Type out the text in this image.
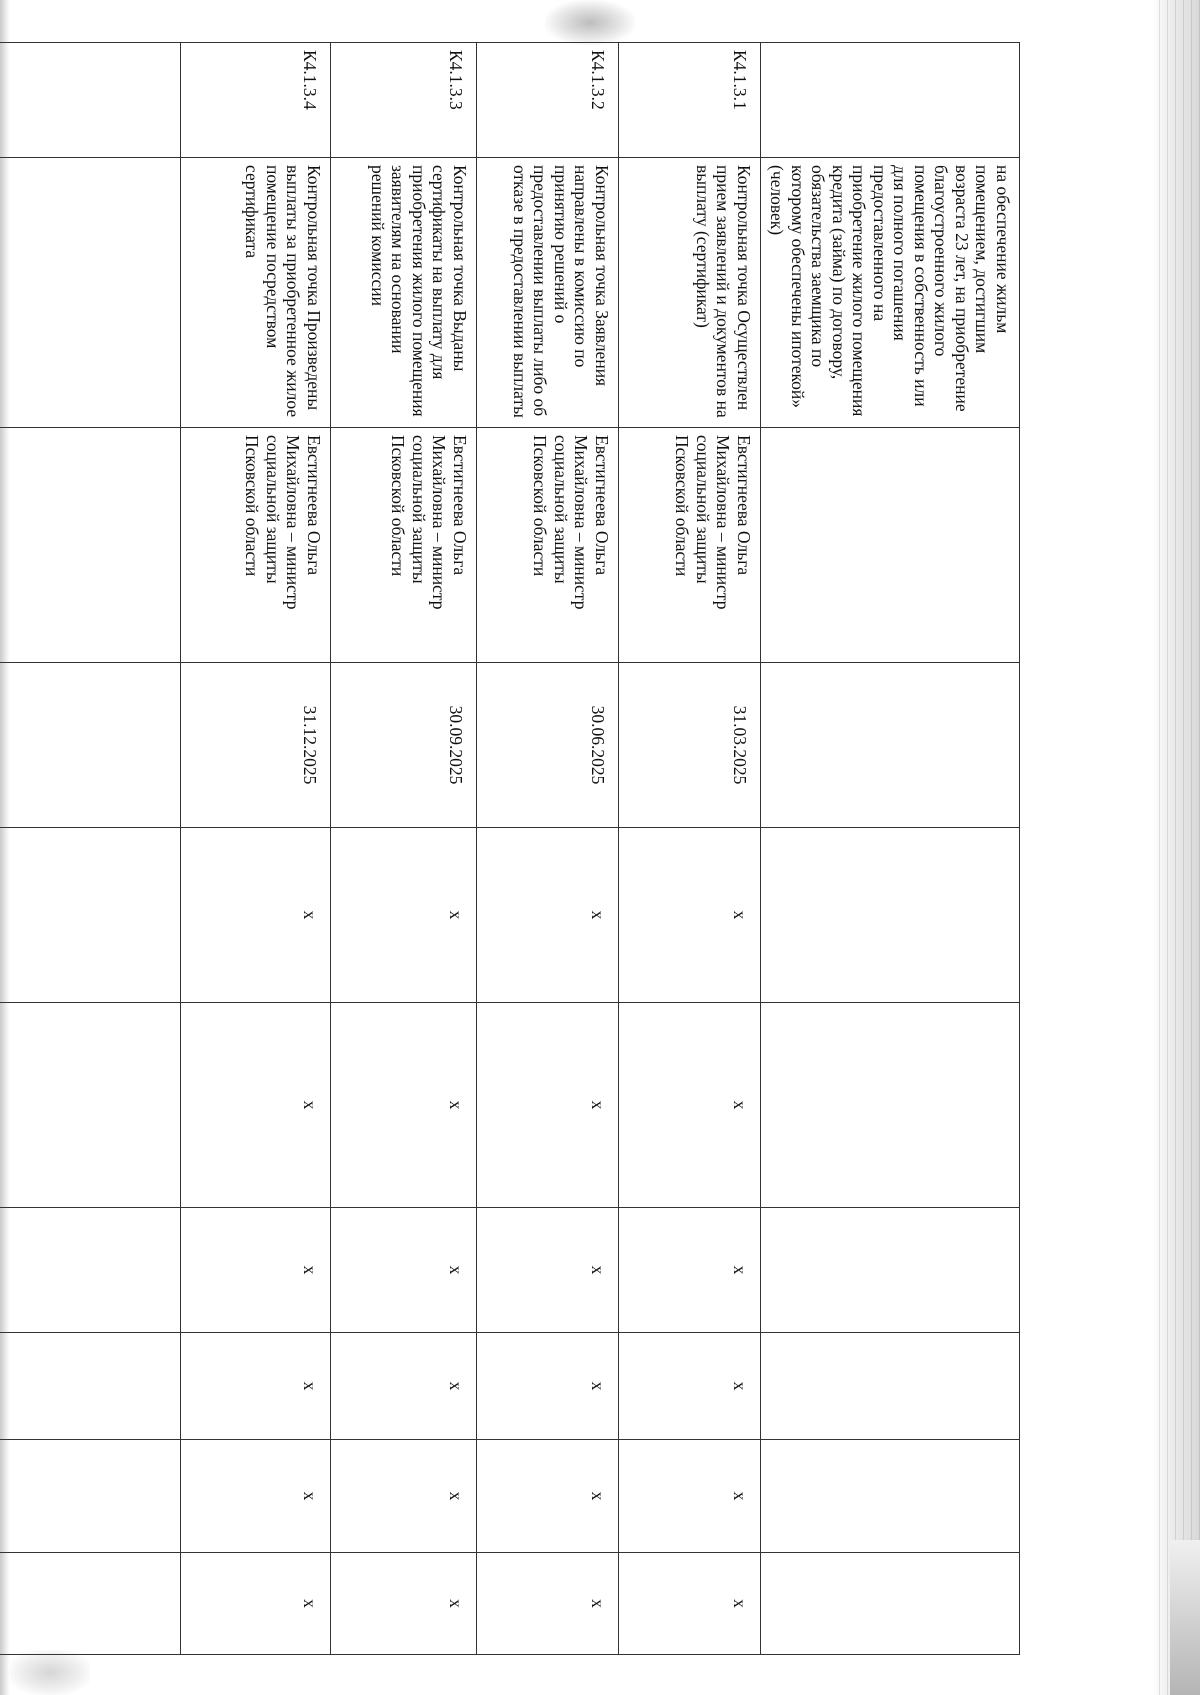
	на обеспечение жильм помещением, достигшим возраста 23 лет, на приобретение благоустроенного жилого помещения в собственность или для полного погашения предоставленного на приобретение жилого помещения кредита (займа) по договору, обязательства заемщика по которому обеспечены ипотекой» (человек)								
К4.1.3.1	Контрольная точка Осуществлен прием заявлений и документов на выплату (сертификат)	Евстигнеева Ольга Михайловна – министр социальной защиты Псковской области	31.03.2025	x	x	x	x	x	x
К4.1.3.2	Контрольная точка Заявления направлены в комиссию по принятию решений о предоставлении выплаты либо об отказе в предоставлении выплаты	Евстигнеева Ольга Михайловна – министр социальной защиты Псковской области	30.06.2025	x	x	x	x	x	x
К4.1.3.3	Контрольная точка Выданы сертификаты на выплату для приобретения жилого помещения заявителям на основании решений комиссии	Евстигнеева Ольга Михайловна – министр социальной защиты Псковской области	30.09.2025	x	x	x	x	x	x
К4.1.3.4	Контрольная точка Произведены выплаты за приобретенное жилое помещение посредством сертификата	Евстигнеева Ольга Михайловна – министр социальной защиты Псковской области	31.12.2025	x	x	x	x	x	x
